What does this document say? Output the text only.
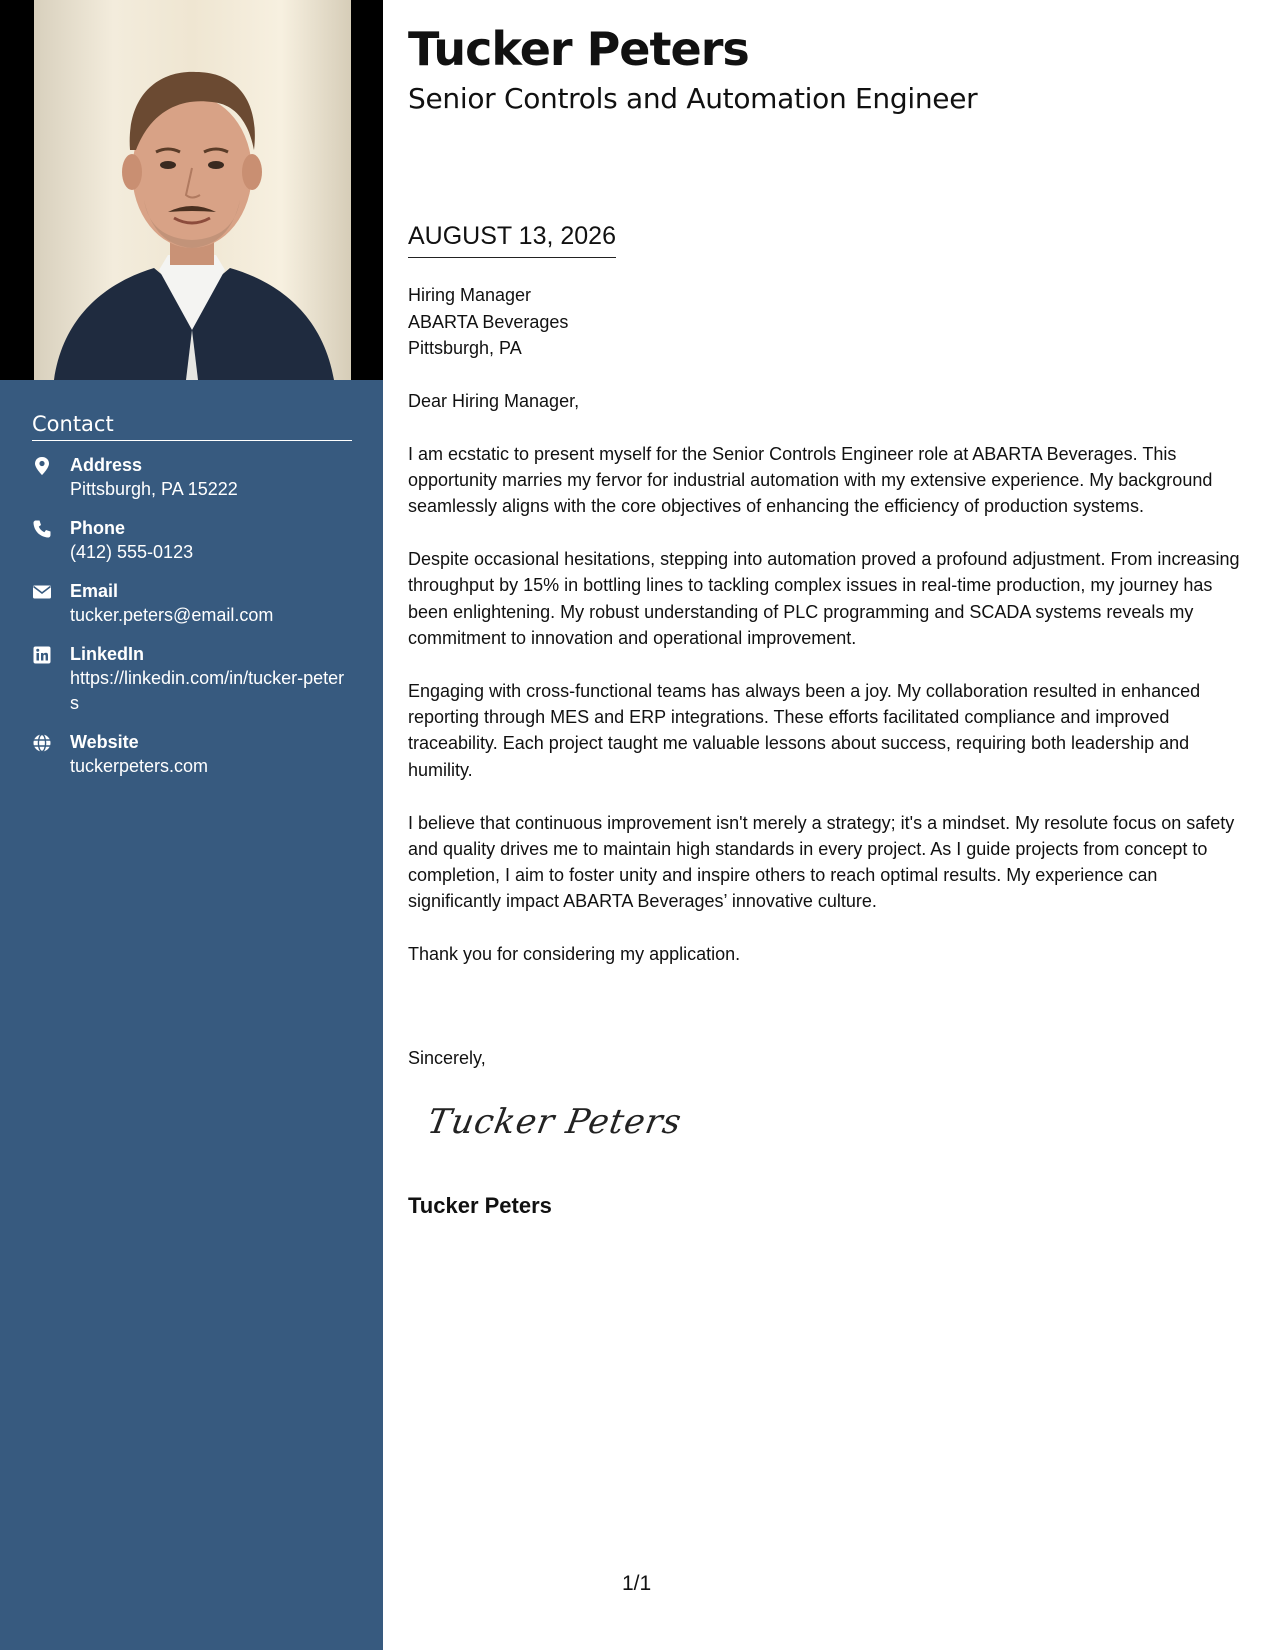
Contact
Address
Pittsburgh, PA 15222
Phone
(412) 555-0123
Email
tucker.peters@email.com
LinkedIn
https://linkedin.com/in/tucker-peters
Website
tuckerpeters.com
Tucker Peters
Senior Controls and Automation Engineer
AUGUST 13, 2026
Hiring Manager
ABARTA Beverages
Pittsburgh, PA

Dear Hiring Manager,

I am ecstatic to present myself for the Senior Controls Engineer role at ABARTA Beverages. This opportunity marries my fervor for industrial automation with my extensive experience. My background seamlessly aligns with the core objectives of enhancing the efficiency of production systems.

Despite occasional hesitations, stepping into automation proved a profound adjustment. From increasing throughput by 15% in bottling lines to tackling complex issues in real-time production, my journey has been enlightening. My robust understanding of PLC programming and SCADA systems reveals my commitment to innovation and operational improvement.

Engaging with cross-functional teams has always been a joy. My collaboration resulted in enhanced reporting through MES and ERP integrations. These efforts facilitated compliance and improved traceability. Each project taught me valuable lessons about success, requiring both leadership and humility.

I believe that continuous improvement isn't merely a strategy; it's a mindset. My resolute focus on safety and quality drives me to maintain high standards in every project. As I guide projects from concept to completion, I aim to foster unity and inspire others to reach optimal results. My experience can significantly impact ABARTA Beverages’ innovative culture.

Thank you for considering my application.

Sincerely,
Tucker Peters
Tucker Peters
1/1
